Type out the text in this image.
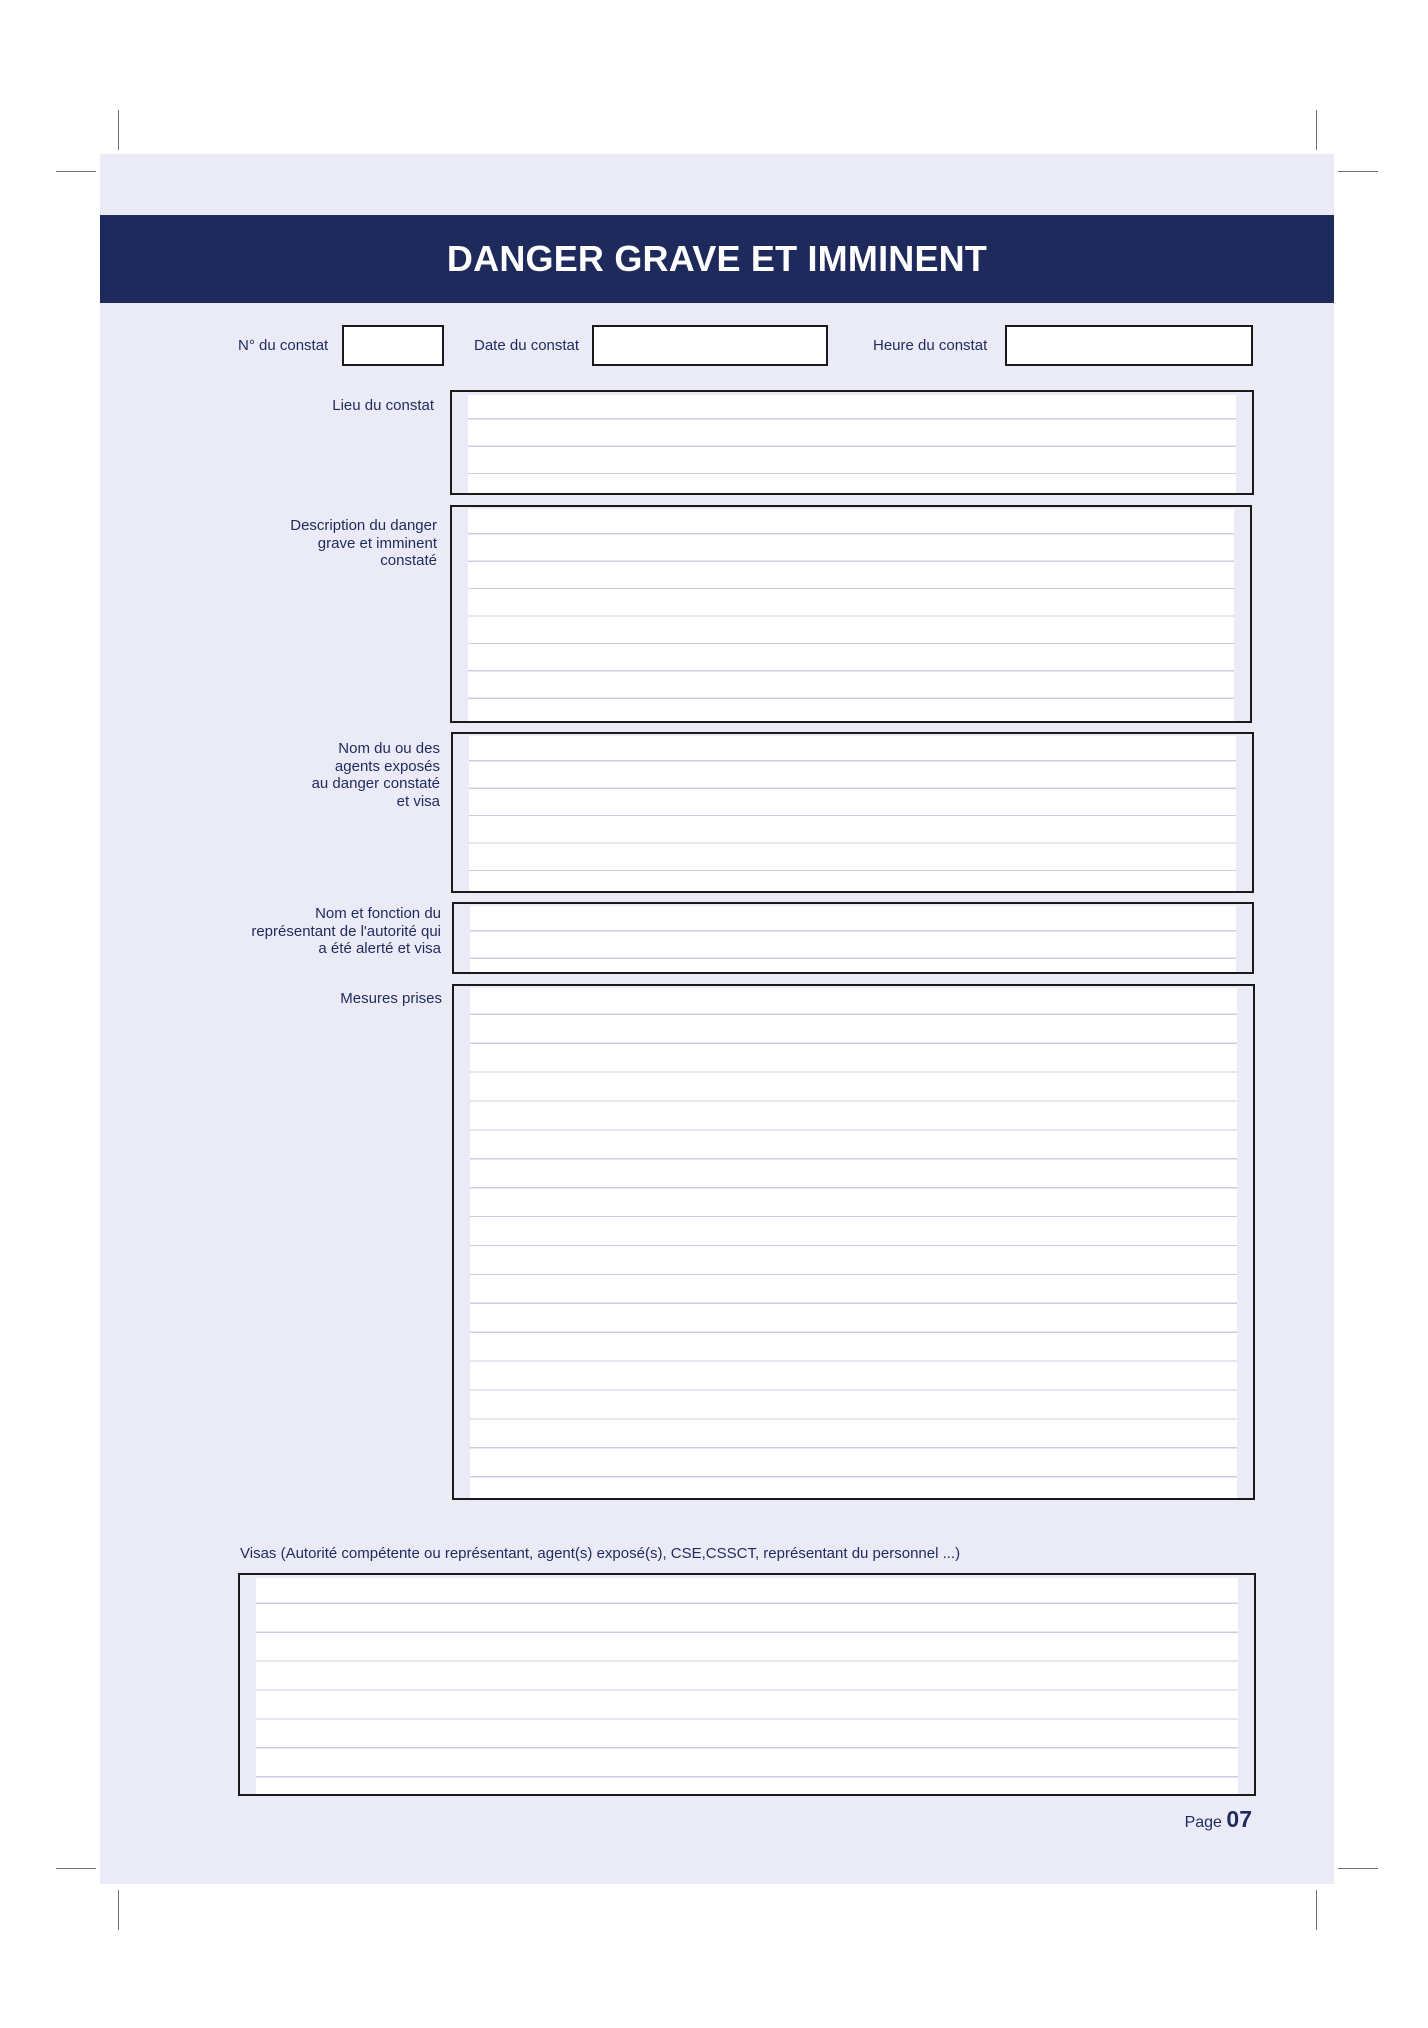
DANGER GRAVE ET IMMINENT
N° du constat	Date du constat	Heure du constat
Lieu du constat
Description du danger
grave et imminent
constaté
Nom du ou des
agents exposés
au danger constaté
et visa
Nom et fonction du
représentant de l'autorité qui
a été alerté et visa
Mesures prises
Visas (Autorité compétente ou représentant, agent(s) exposé(s), CSE,CSSCT, représentant du personnel ...)
Page 07
